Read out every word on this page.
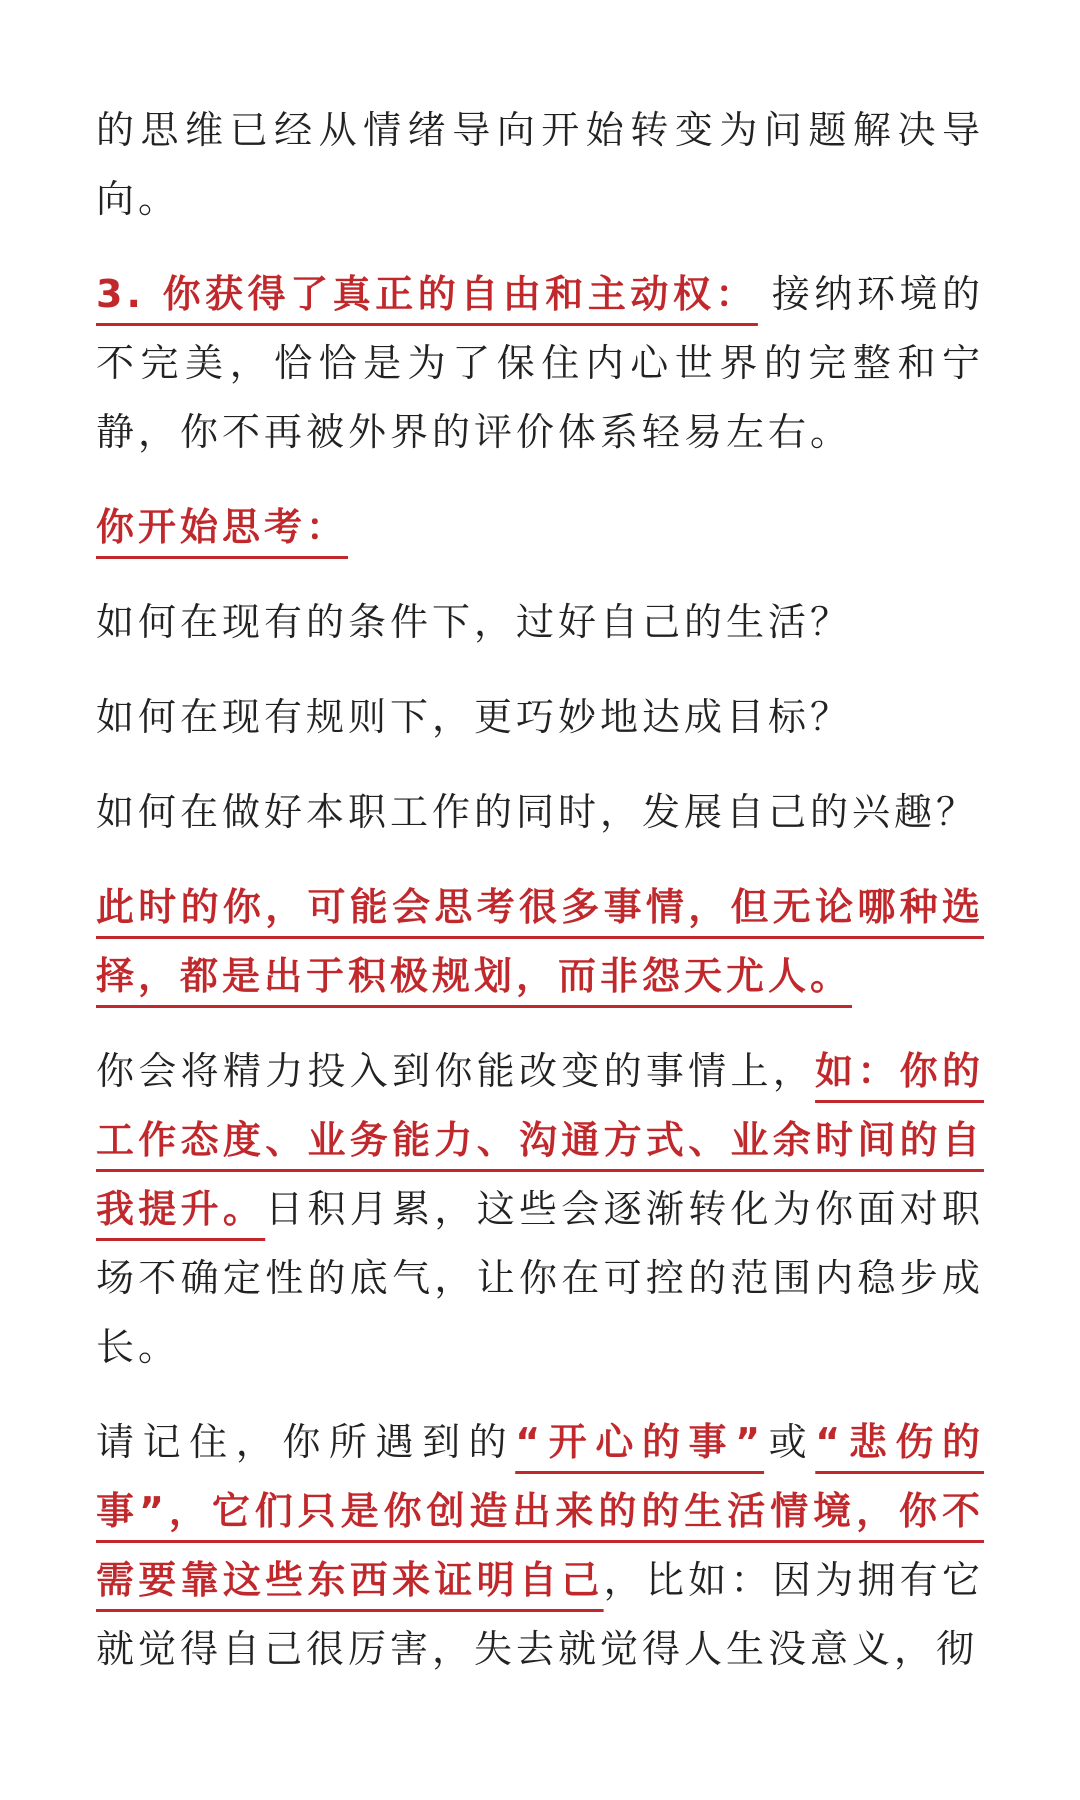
的思维已经从情绪导向开始转变为问题解决导向。

3. 你获得了真正的自由和主动权： 接纳环境的不完美，恰恰是为了保住内心世界的完整和宁静，你不再被外界的评价体系轻易左右。

你开始思考：

如何在现有的条件下，过好自己的生活？

如何在现有规则下，更巧妙地达成目标？

如何在做好本职工作的同时，发展自己的兴趣？

此时的你，可能会思考很多事情，但无论哪种选择，都是出于积极规划，而非怨天尤人。

你会将精力投入到你能改变的事情上，如：你的工作态度、业务能力、沟通方式、业余时间的自我提升。日积月累，这些会逐渐转化为你面对职场不确定性的底气，让你在可控的范围内稳步成长。

请记住，你所遇到的“开心的事”或“悲伤的事”，它们只是你创造出来的的生活情境，你不需要靠这些东西来证明自己，比如：因为拥有它就觉得自己很厉害，失去就觉得人生没意义，彻
